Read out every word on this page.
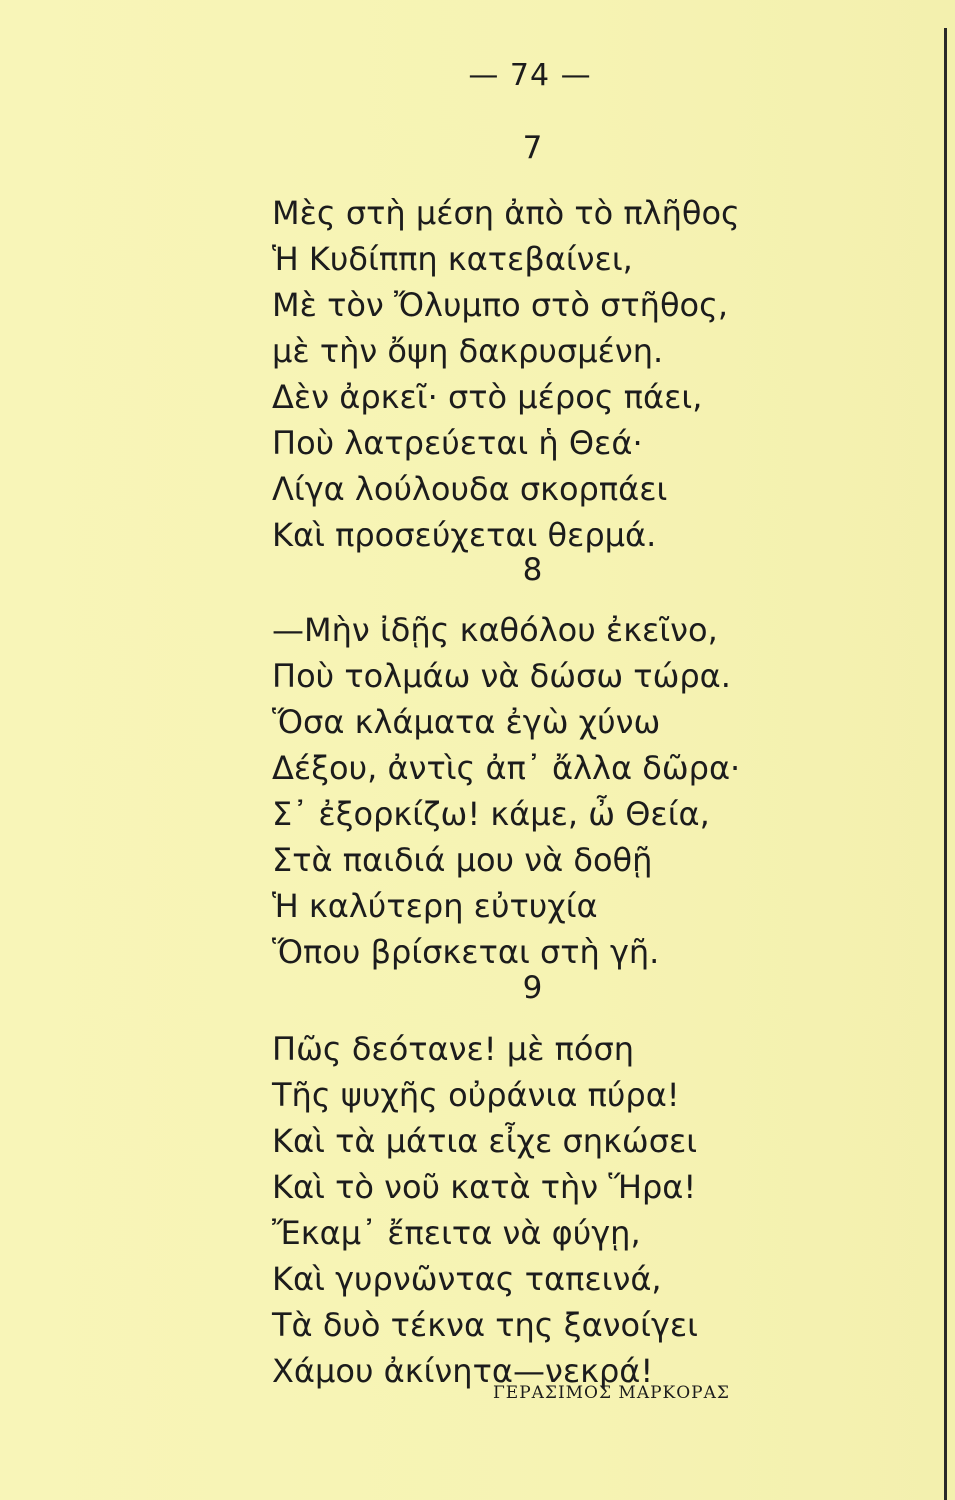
— 74 —
7
Μὲς στὴ μέση ἀπὸ τὸ πλῆθος
Ἡ Κυδίππη κατεβαίνει,
Μὲ τὸν Ὄλυμπο στὸ στῆθος,
μὲ τὴν ὄψη δακρυσμένη.
Δὲν ἀρκεῖ· στὸ μέρος πάει,
Ποὺ λατρεύεται ἡ Θεά·
Λίγα λούλουδα σκορπάει
Καὶ προσεύχεται θερμά.
8
—Μὴν ἰδῇς καθόλου ἐκεῖνο,
Ποὺ τολμάω νὰ δώσω τώρα.
Ὅσα κλάματα ἐγὼ χύνω
Δέξου, ἀντὶς ἀπ᾽ ἄλλα δῶρα·
Σ᾽ ἐξορκίζω! κάμε, ὦ Θεία,
Στὰ παιδιά μου νὰ δοθῇ
Ἡ καλύτερη εὐτυχία
Ὅπου βρίσκεται στὴ γῆ.
9
Πῶς δεότανε! μὲ πόση
Τῆς ψυχῆς οὐράνια πύρα!
Καὶ τὰ μάτια εἶχε σηκώσει
Καὶ τὸ νοῦ κατὰ τὴν Ἥρα!
Ἔκαμ᾽ ἔπειτα νὰ φύγῃ,
Καὶ γυρνῶντας ταπεινά,
Τὰ δυὸ τέκνα της ξανοίγει
Χάμου ἀκίνητα—νεκρά!
ΓΕΡΑΣΙΜΟΣ ΜΑΡΚΟΡΑΣ
